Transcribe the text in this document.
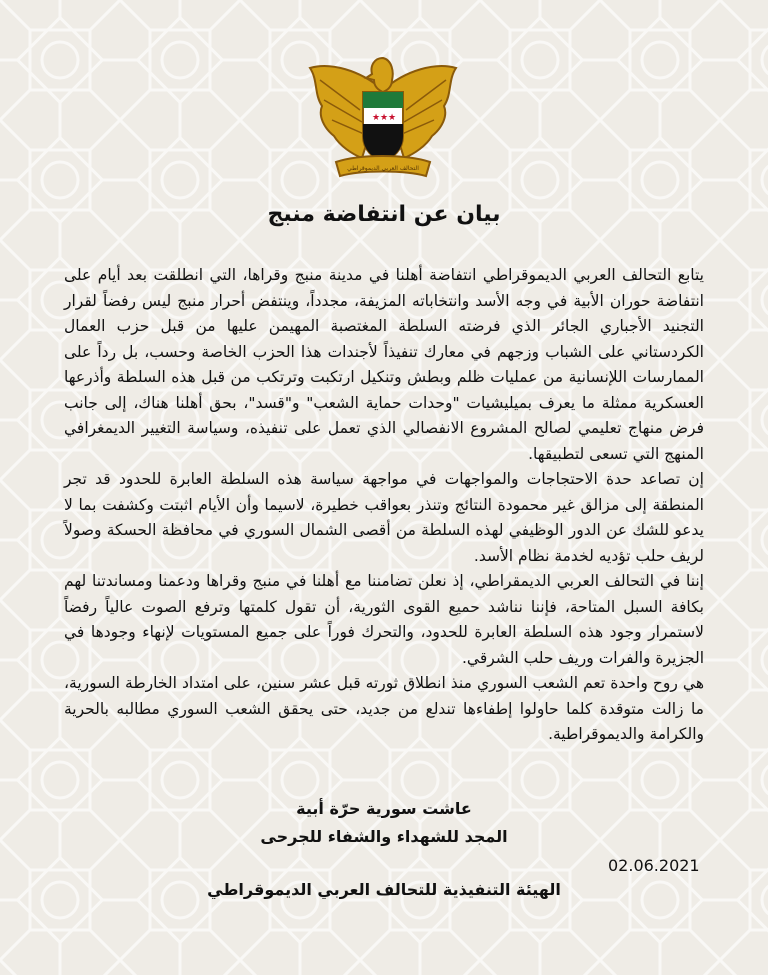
★ ★ ★
التحالف العربي الديموقراطي
بيان عن انتفاضة منبج

يتابع التحالف العربي الديموقراطي انتفاضة أهلنا في مدينة منبج وقراها، التي انطلقت بعد أيام على انتفاضة حوران الأبية في وجه الأسد وانتخاباته المزيفة، مجدداً، وينتفض أحرار منبج ليس رفضاً لقرار التجنيد الأجباري الجائر الذي فرضته السلطة المغتصبة المهيمن عليها من قبل حزب العمال الكردستاني على الشباب وزجهم في معارك تنفيذاً لأجندات هذا الحزب الخاصة وحسب، بل رداً على الممارسات اللإنسانية من عمليات ظلم وبطش وتنكيل ارتكبت وترتكب من قبل هذه السلطة وأذرعها العسكرية ممثلة ما يعرف بميليشيات "وحدات حماية الشعب" و"قسد"، بحق أهلنا هناك، إلى جانب فرض منهاج تعليمي لصالح المشروع الانفصالي الذي تعمل على تنفيذه، وسياسة التغيير الديمغرافي المنهج التي تسعى لتطبيقها.

إن تصاعد حدة الاحتجاجات والمواجهات في مواجهة سياسة هذه السلطة العابرة للحدود قد تجر المنطقة إلى مزالق غير محمودة النتائج وتنذر بعواقب خطيرة، لاسيما وأن الأيام اثبتت وكشفت بما لا يدعو للشك عن الدور الوظيفي لهذه السلطة من أقصى الشمال السوري في محافظة الحسكة وصولاً لريف حلب تؤديه لخدمة نظام الأسد.

إننا في التحالف العربي الديمقراطي، إذ نعلن تضامننا مع أهلنا في منبج وقراها ودعمنا ومساندتنا لهم بكافة السبل المتاحة، فإننا نناشد حميع القوى الثورية، أن تقول كلمتها وترفع الصوت عالياً رفضاً لاستمرار وجود هذه السلطة العابرة للحدود، والتحرك فوراً على جميع المستويات لإنهاء وجودها في الجزيرة والفرات وريف حلب الشرقي.

هي روح واحدة تعم الشعب السوري منذ انطلاق ثورته قبل عشر سنين، على امتداد الخارطة السورية، ما زالت متوقدة كلما حاولوا إطفاءها تندلع من جديد، حتى يحقق الشعب السوري مطالبه بالحرية والكرامة والديموقراطية.

عاشت سورية حرّة أبية

المجد للشهداء والشفاء للجرحى

02.06.2021
الهيئة التنفيذية للتحالف العربي الديموقراطي
